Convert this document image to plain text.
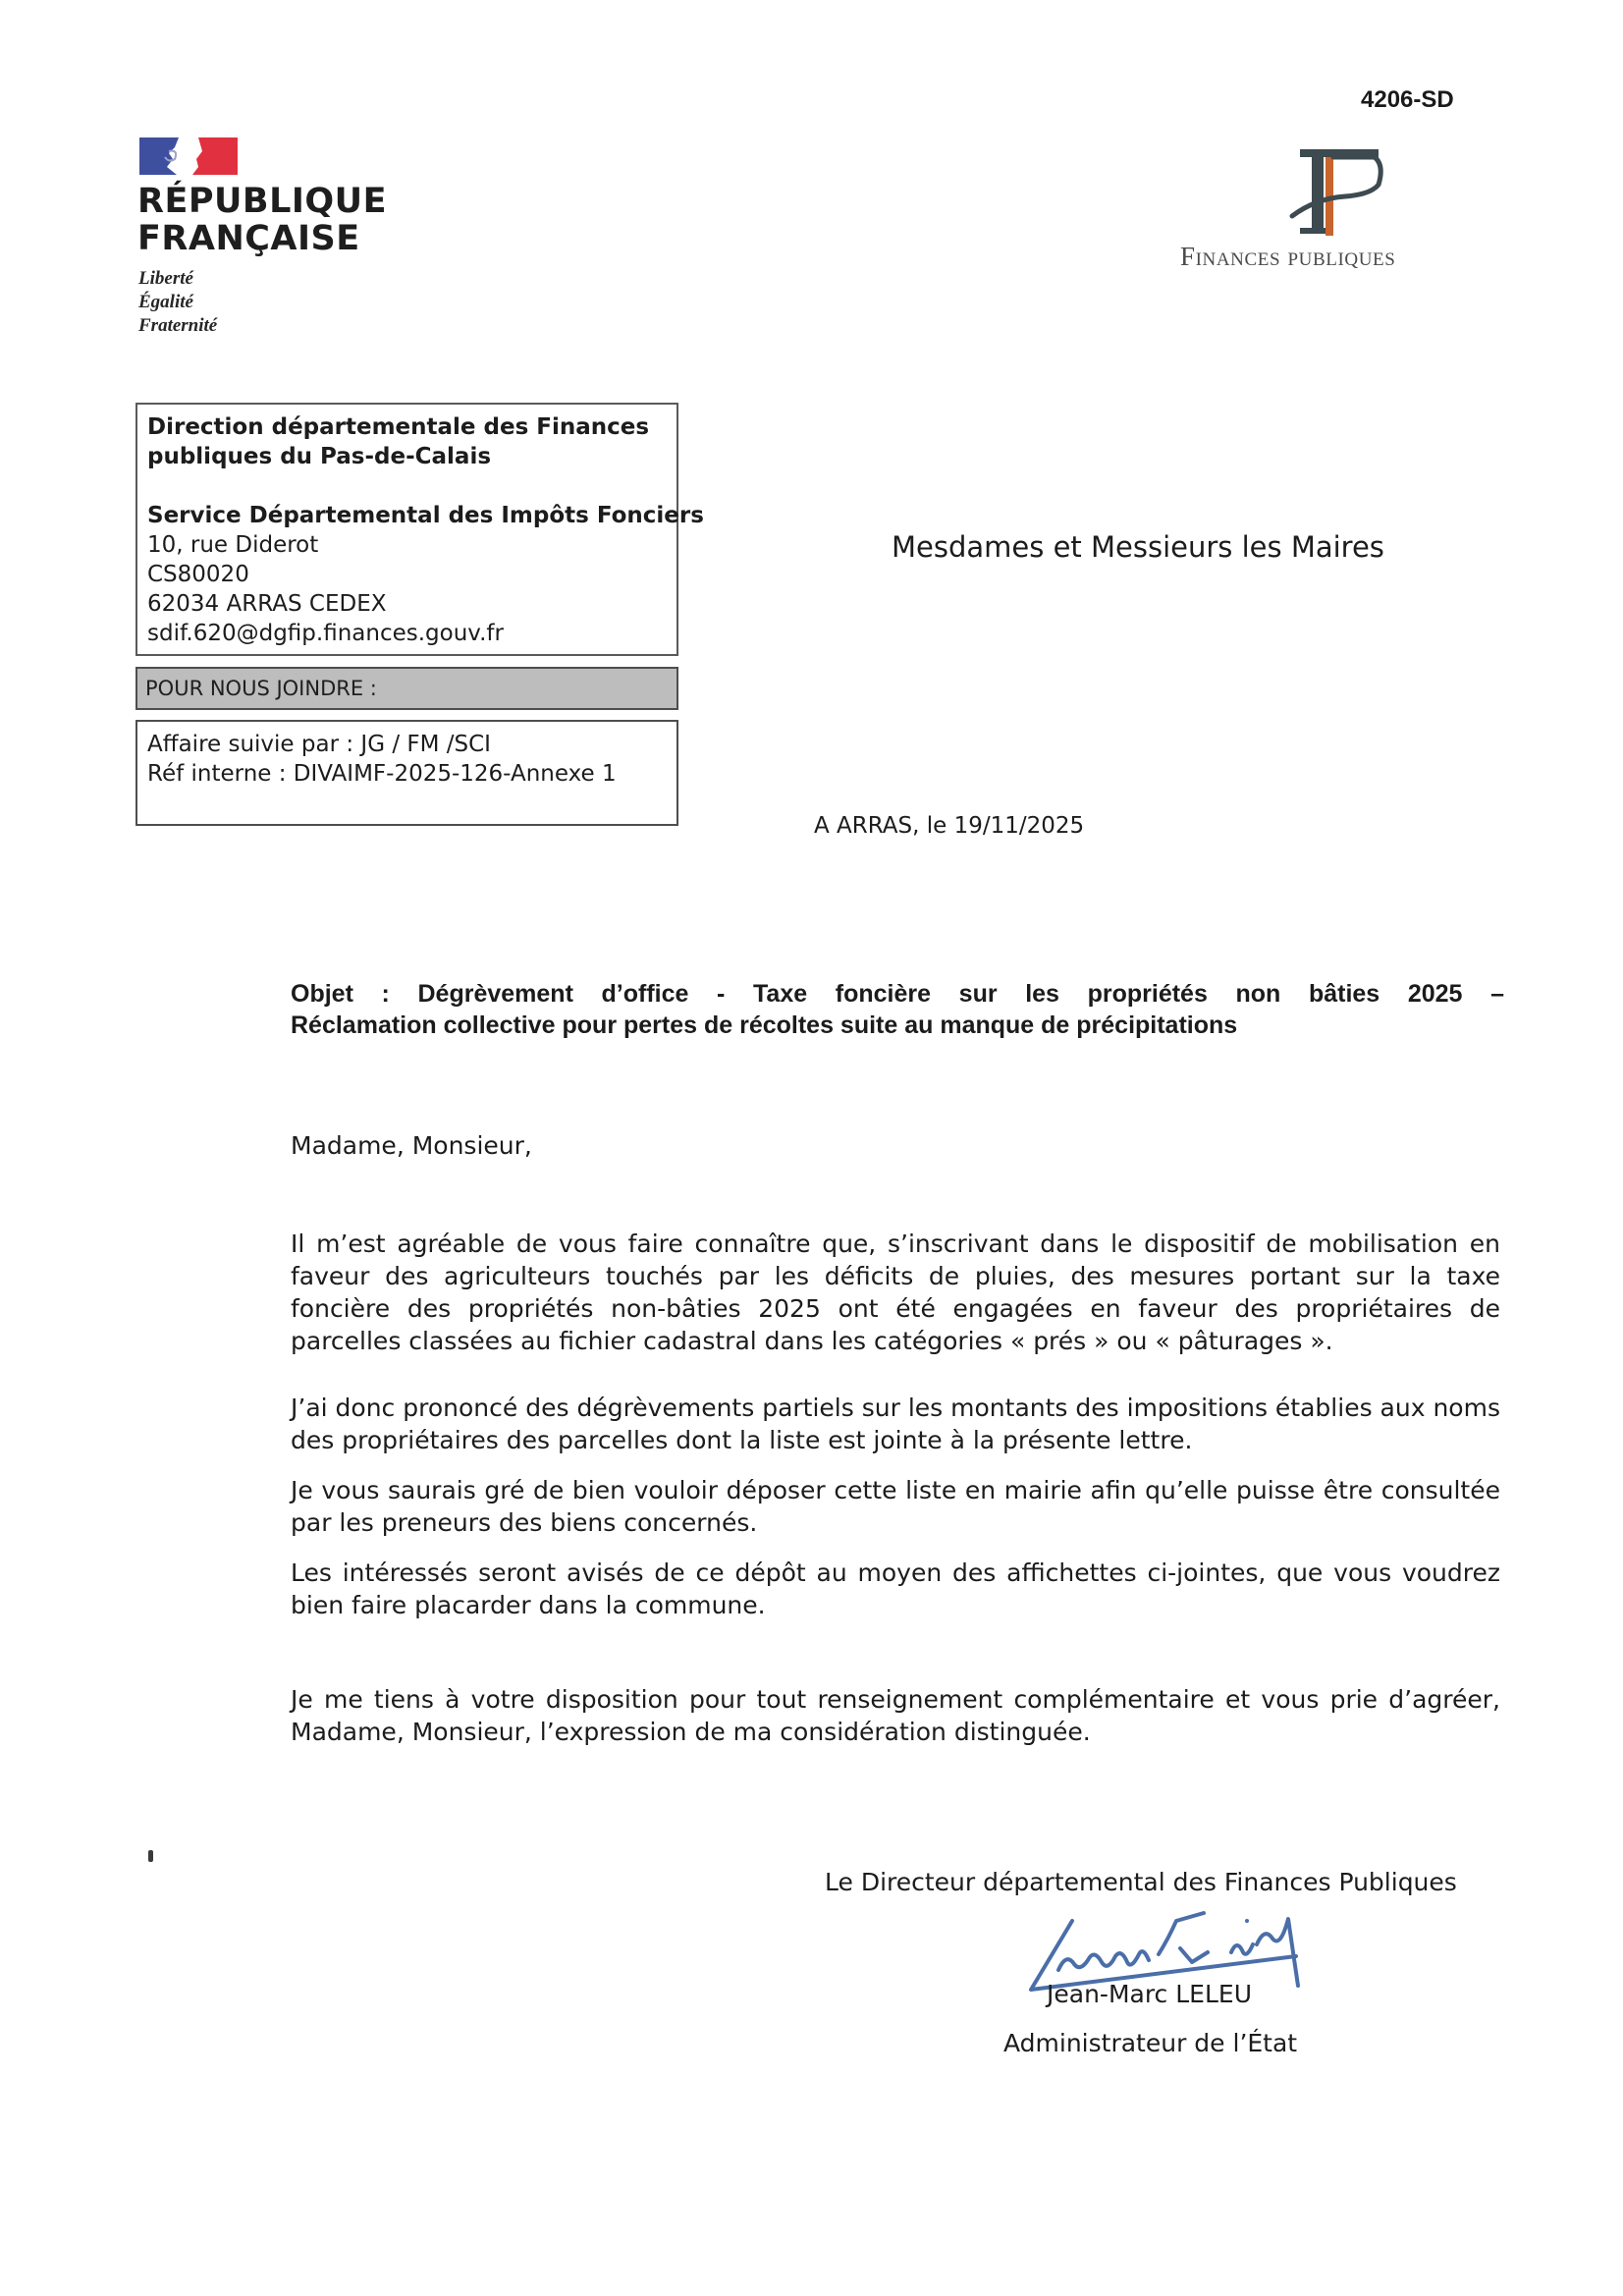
RÉPUBLIQUE
FRANÇAISE
Liberté
Égalité
Fraternité
4206-SD
Finances publiques
Direction départementale des Finances
publiques du Pas-de-Calais
Service Départemental des Impôts Fonciers
10, rue Diderot
CS80020
62034 ARRAS CEDEX
sdif.620@dgfip.finances.gouv.fr
POUR NOUS JOINDRE :
Affaire suivie par : JG / FM /SCI
Réf interne : DIVAIMF-2025-126-Annexe 1
Mesdames et Messieurs les Maires
A ARRAS, le 19/11/2025
Objet : Dégrèvement d’office - Taxe foncière sur les propriétés non bâties 2025 –
Réclamation collective pour pertes de récoltes suite au manque de précipitations
Madame, Monsieur,
Il m’est agréable de vous faire connaître que, s’inscrivant dans le dispositif de mobilisation en faveur des agriculteurs touchés par les déficits de pluies, des mesures portant sur la taxe foncière des propriétés non-bâties 2025 ont été engagées en faveur des propriétaires de parcelles classées au fichier cadastral dans les catégories « prés » ou « pâturages ».
J’ai donc prononcé des dégrèvements partiels sur les montants des impositions établies aux noms des propriétaires des parcelles dont la liste est jointe à la présente lettre.
Je vous saurais gré de bien vouloir déposer cette liste en mairie afin qu’elle puisse être consultée par les preneurs des biens concernés.
Les intéressés seront avisés de ce dépôt au moyen des affichettes ci-jointes, que vous voudrez bien faire placarder dans la commune.
Je me tiens à votre disposition pour tout renseignement complémentaire et vous prie d’agréer, Madame, Monsieur, l’expression de ma considération distinguée.
Le Directeur départemental des Finances Publiques
Jean-Marc LELEU
Administrateur de l’État
